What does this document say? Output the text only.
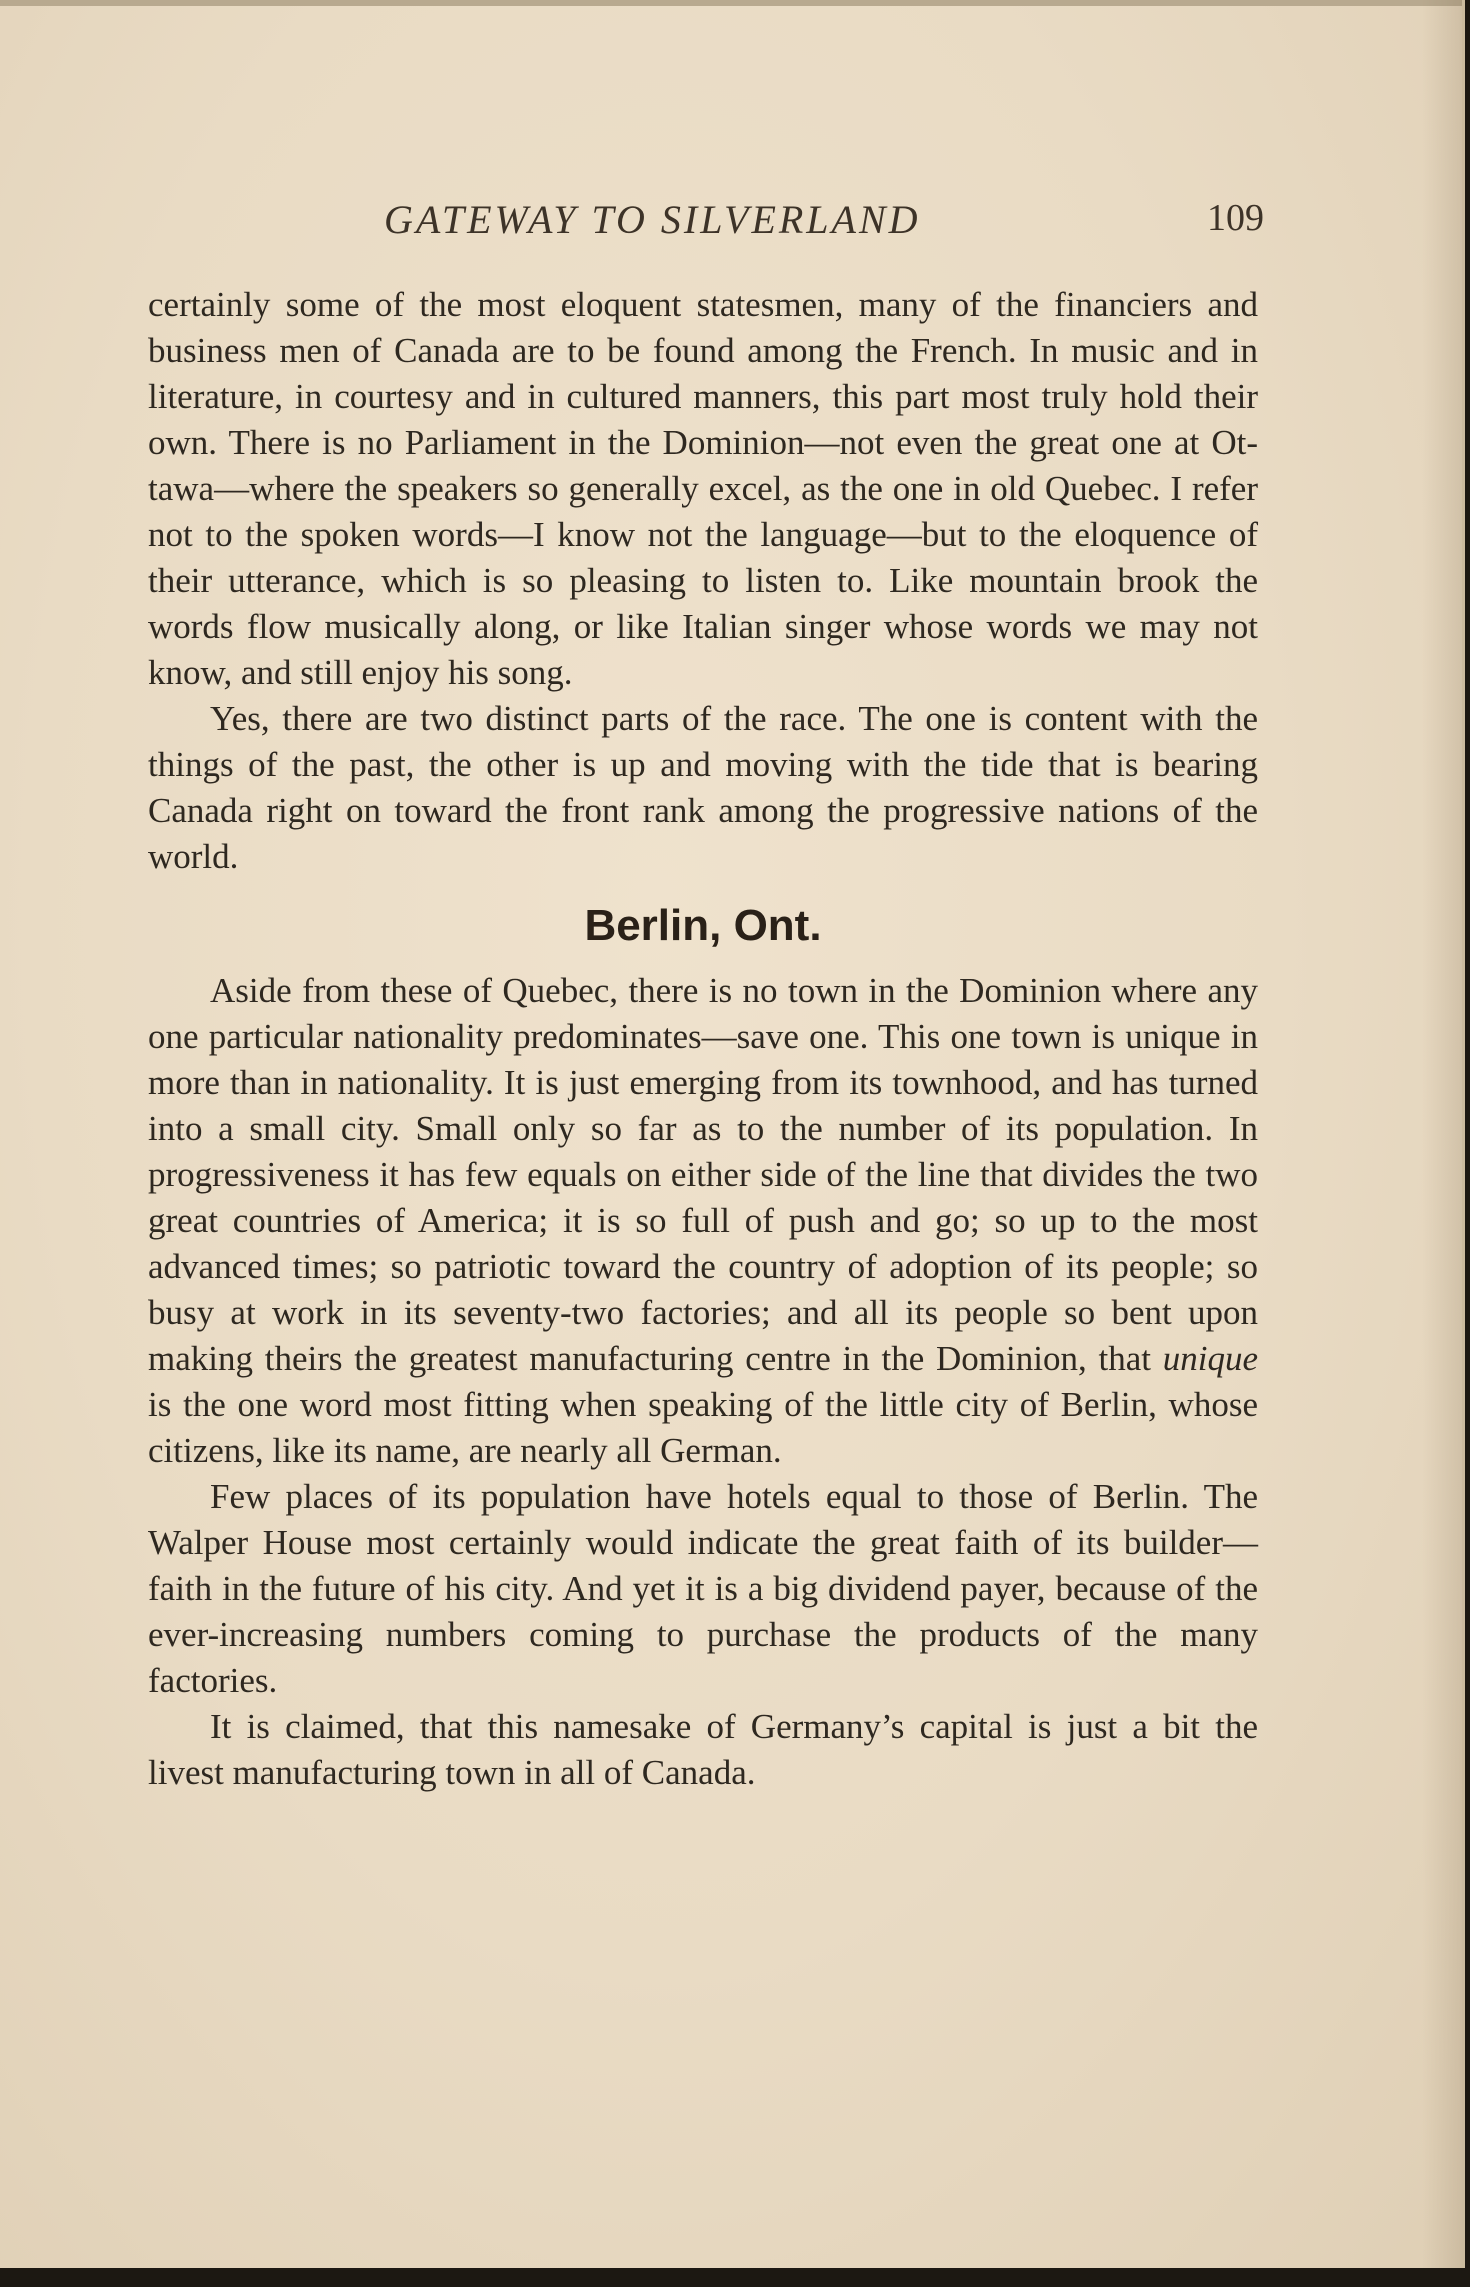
GATEWAY TO SILVERLAND	109

certainly some of the most eloquent statesmen, many of the financiers and business men of Canada are to be found among the French. In music and in literature, in courtesy and in cultured manners, this part most truly hold their own. There is no Parliament in the Dominion—not even the great one at Ottawa—where the speakers so generally excel, as the one in old Quebec. I refer not to the spoken words—I know not the language—but to the eloquence of their utterance, which is so pleasing to listen to. Like mountain brook the words flow musically along, or like Italian singer whose words we may not know, and still enjoy his song.

Yes, there are two distinct parts of the race. The one is content with the things of the past, the other is up and moving with the tide that is bearing Canada right on toward the front rank among the progressive nations of the world.

Berlin, Ont.

Aside from these of Quebec, there is no town in the Dominion where any one particular nationality predominates—save one. This one town is unique in more than in nationality. It is just emerging from its townhood, and has turned into a small city. Small only so far as to the number of its population. In progressiveness it has few equals on either side of the line that divides the two great countries of America; it is so full of push and go; so up to the most advanced times; so patriotic toward the country of adoption of its people; so busy at work in its seventy-two factories; and all its people so bent upon making theirs the greatest manufacturing centre in the Dominion, that unique is the one word most fitting when speaking of the little city of Berlin, whose citizens, like its name, are nearly all German.

Few places of its population have hotels equal to those of Berlin. The Walper House most certainly would indicate the great faith of its builder—faith in the future of his city. And yet it is a big dividend payer, because of the ever-increasing numbers coming to purchase the products of the many factories.

It is claimed, that this namesake of Germany’s capital is just a bit the livest manufacturing town in all of Canada.
